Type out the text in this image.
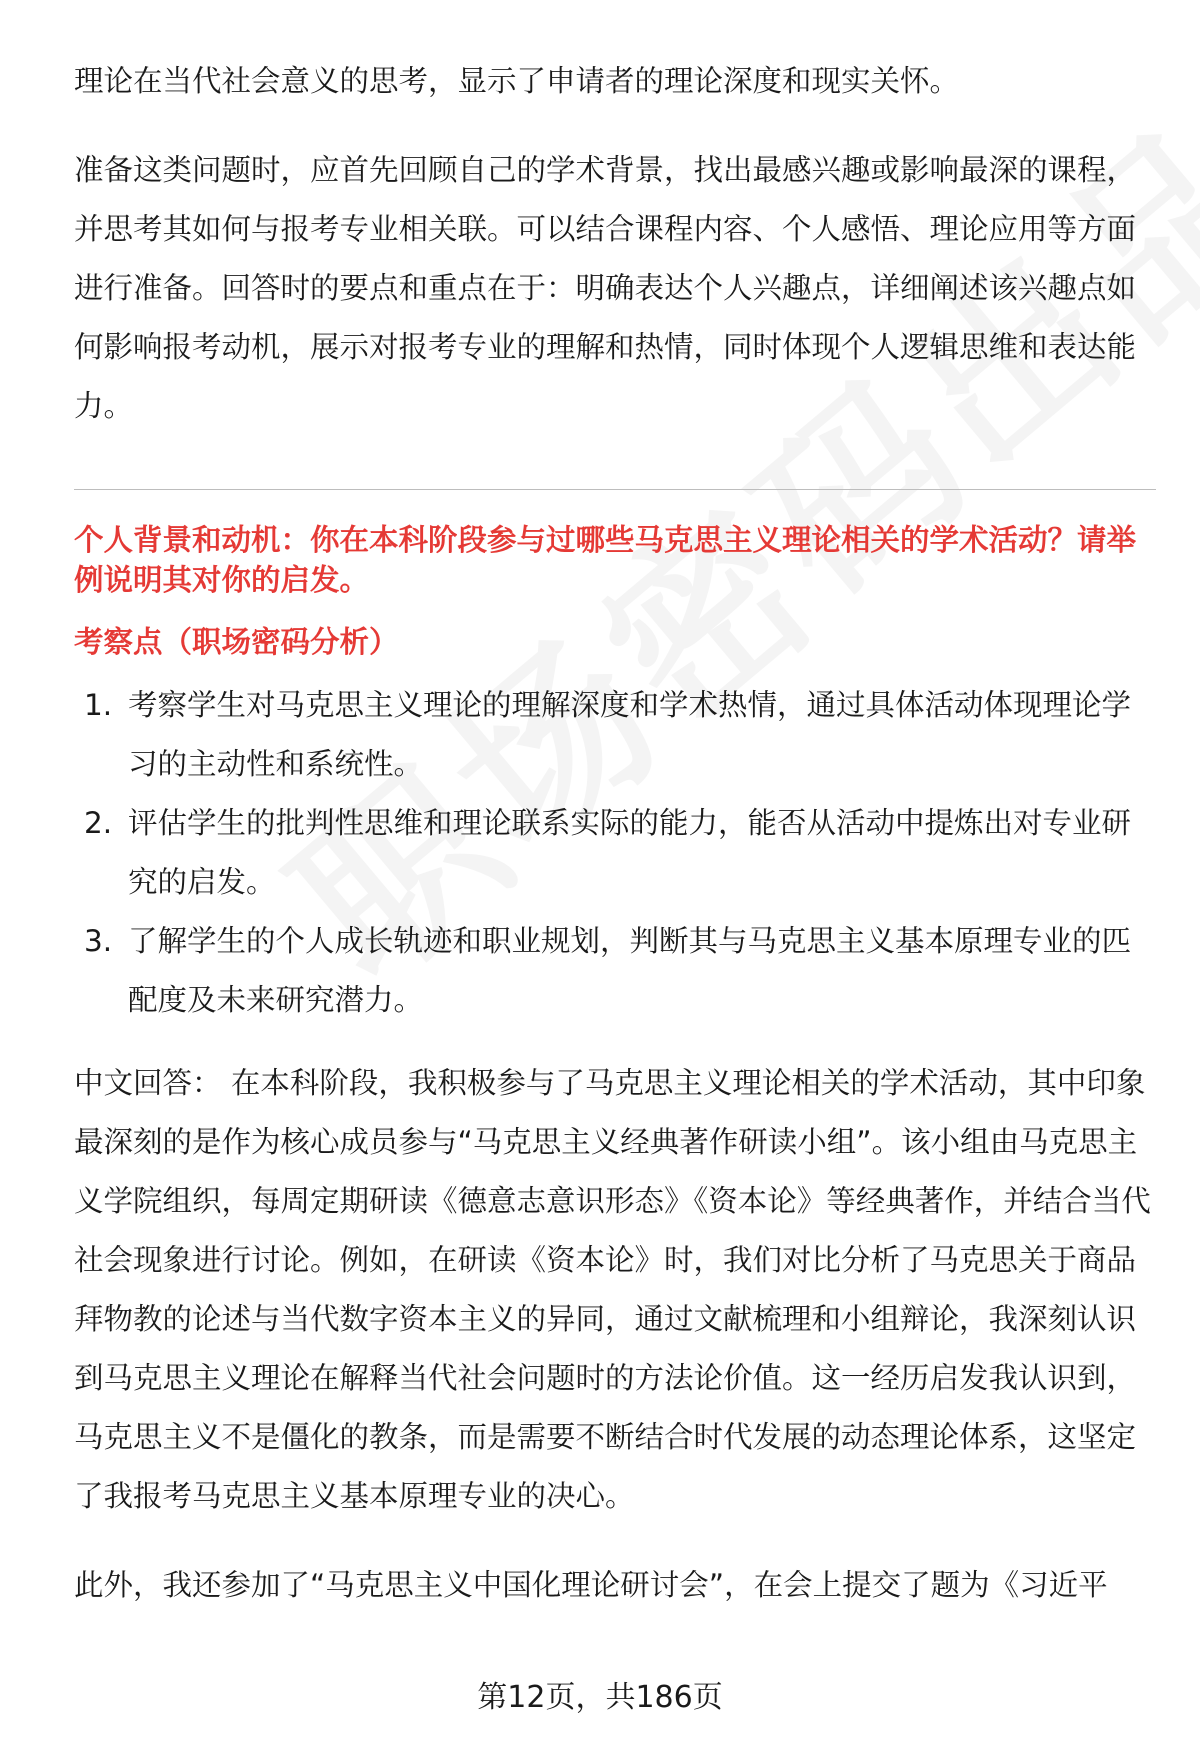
理论在当代社会意义的思考，显示了申请者的理论深度和现实关怀。

准备这类问题时，应首先回顾自己的学术背景，找出最感兴趣或影响最深的课程，并思考其如何与报考专业相关联。可以结合课程内容、个人感悟、理论应用等方面进行准备。回答时的要点和重点在于：明确表达个人兴趣点，详细阐述该兴趣点如何影响报考动机，展示对报考专业的理解和热情，同时体现个人逻辑思维和表达能力。

个人背景和动机：你在本科阶段参与过哪些马克思主义理论相关的学术活动？请举例说明其对你的启发。
考察点（职场密码分析）
1. 考察学生对马克思主义理论的理解深度和学术热情，通过具体活动体现理论学习的主动性和系统性。
2. 评估学生的批判性思维和理论联系实际的能力，能否从活动中提炼出对专业研究的启发。
3. 了解学生的个人成长轨迹和职业规划，判断其与马克思主义基本原理专业的匹配度及未来研究潜力。

中文回答： 在本科阶段，我积极参与了马克思主义理论相关的学术活动，其中印象最深刻的是作为核心成员参与“马克思主义经典著作研读小组”。该小组由马克思主义学院组织，每周定期研读《德意志意识形态》《资本论》等经典著作，并结合当代社会现象进行讨论。例如，在研读《资本论》时，我们对比分析了马克思关于商品拜物教的论述与当代数字资本主义的异同，通过文献梳理和小组辩论，我深刻认识到马克思主义理论在解释当代社会问题时的方法论价值。这一经历启发我认识到，马克思主义不是僵化的教条，而是需要不断结合时代发展的动态理论体系，这坚定了我报考马克思主义基本原理专业的决心。

此外，我还参加了“马克思主义中国化理论研讨会”，在会上提交了题为《习近平

第12页，共186页
